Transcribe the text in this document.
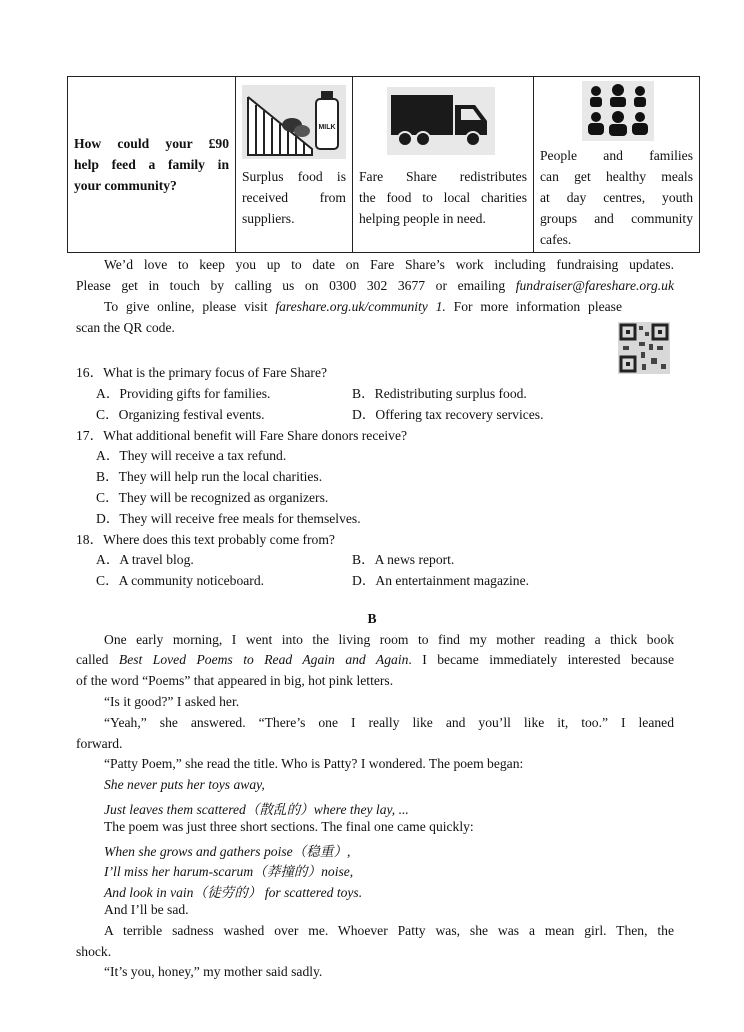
How could your £90
help feed a family in
your community?

MILK
Surplus food is
received from
suppliers.

Fare Share redistributes
the food to local charities
helping people in need.

People and families
can get healthy meals
at day centres, youth
groups and community
cafes.
We’d love to keep you up to date on Fare Share’s work including fundraising updates.
Please get in touch by calling us on 0300 302 3677 or emailing fundraiser@fareshare.org.uk
To give online, please visit fareshare.org.uk/community 1. For more information please
scan the QR code.
16．What is the primary focus of Fare Share?
A．Providing gifts for families.	B．Redistributing surplus food.
C．Organizing festival events.	D．Offering tax recovery services.
17．What additional benefit will Fare Share donors receive?
A．They will receive a tax refund.
B．They will help run the local charities.
C．They will be recognized as organizers.
D．They will receive free meals for themselves.
18．Where does this text probably come from?
A．A travel blog.	B．A news report.
C．A community noticeboard.	D．An entertainment magazine.
B
One early morning, I went into the living room to find my mother reading a thick book
called Best Loved Poems to Read Again and Again. I became immediately interested because
of the word “Poems” that appeared in big, hot pink letters.
“Is it good?” I asked her.
“Yeah,” she answered. “There’s one I really like and you’ll like it, too.” I leaned
forward.
“Patty Poem,” she read the title. Who is Patty? I wondered. The poem began:
She never puts her toys away,
Just leaves them scattered（散乱的）where they lay, ...
The poem was just three short sections. The final one came quickly:
When she grows and gathers poise（稳重）,
I’ll miss her harum-scarum（莽撞的）noise,
And look in vain（徒劳的） for scattered toys.
And I’ll be sad.
A terrible sadness washed over me. Whoever Patty was, she was a mean girl. Then, the
shock.
“It’s you, honey,” my mother said sadly.
